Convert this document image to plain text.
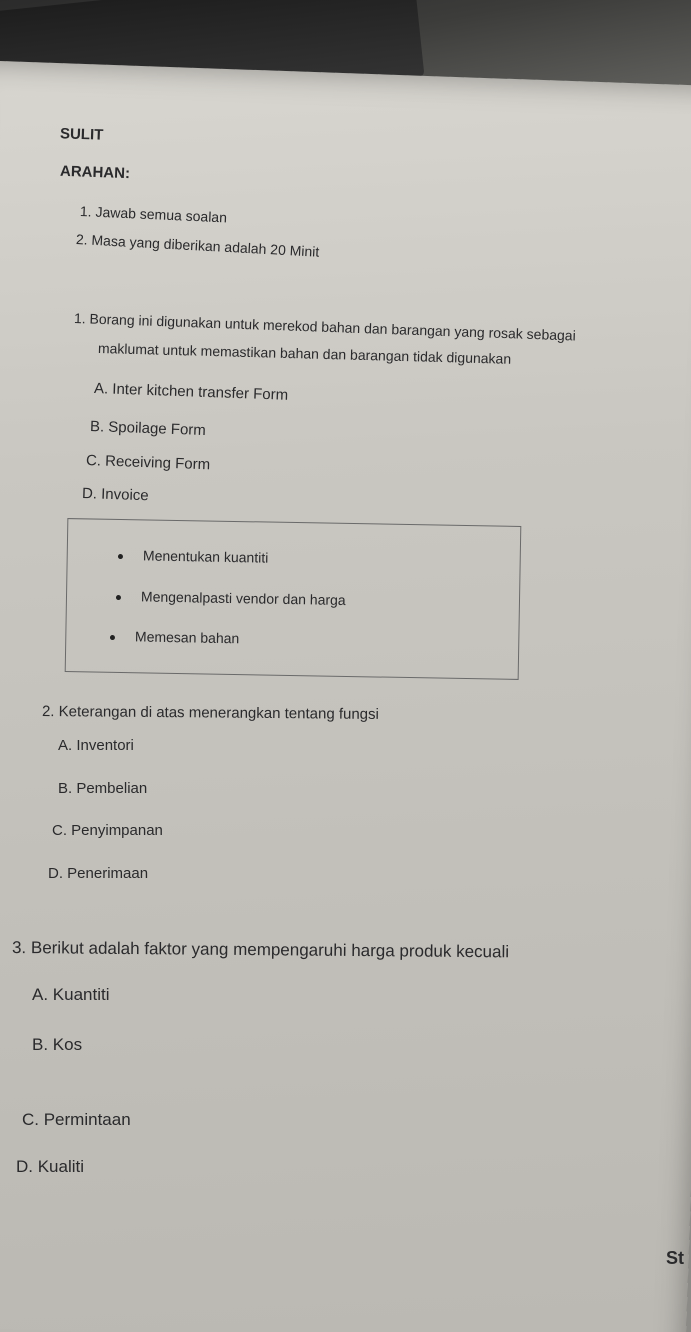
SULIT
ARAHAN:
1. Jawab semua soalan
2. Masa yang diberikan adalah 20 Minit
1. Borang ini digunakan untuk merekod bahan dan barangan yang rosak sebagai
maklumat untuk memastikan bahan dan barangan tidak digunakan
A. Inter kitchen transfer Form
B. Spoilage Form
C. Receiving Form
D. Invoice
Menentukan kuantiti
Mengenalpasti vendor dan harga
Memesan bahan
2. Keterangan di atas menerangkan tentang fungsi
A. Inventori
B. Pembelian
C. Penyimpanan
D. Penerimaan
3. Berikut adalah faktor yang mempengaruhi harga produk kecuali
A. Kuantiti
B. Kos
C. Permintaan
D. Kualiti
St
